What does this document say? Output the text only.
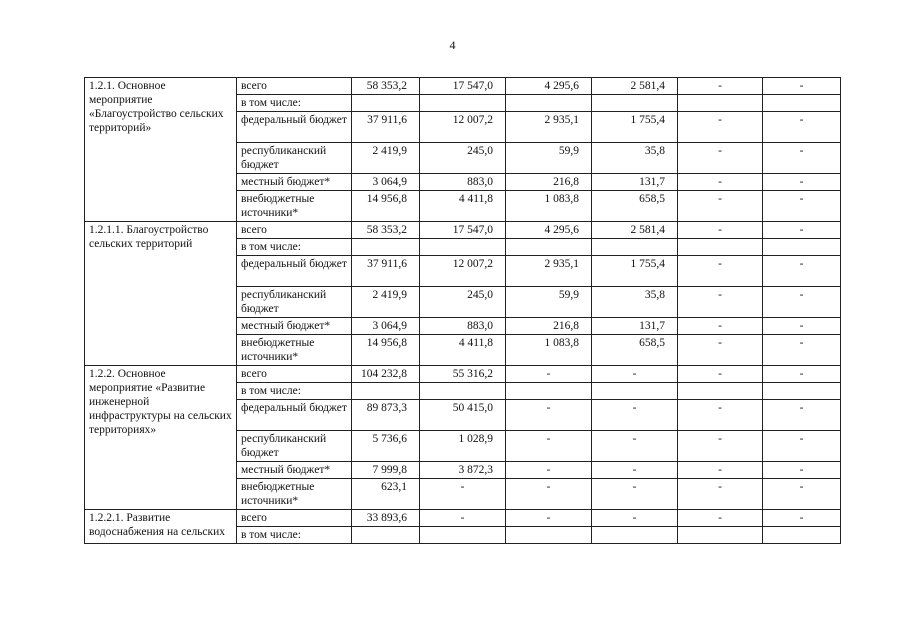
4
1.2.1. Основное мероприятие «Благоустройство сельских территорий»	всего	58 353,2	17 547,0	4 295,6	2 581,4	-	-
	в том числе:						
	федеральный бюджет	37 911,6	12 007,2	2 935,1	1 755,4	-	-
	республиканский бюджет	2 419,9	245,0	59,9	35,8	-	-
	местный бюджет*	3 064,9	883,0	216,8	131,7	-	-
	внебюджетные источники*	14 956,8	4 411,8	1 083,8	658,5	-	-
1.2.1.1. Благоустройство сельских территорий	всего	58 353,2	17 547,0	4 295,6	2 581,4	-	-
	в том числе:						
	федеральный бюджет	37 911,6	12 007,2	2 935,1	1 755,4	-	-
	республиканский бюджет	2 419,9	245,0	59,9	35,8	-	-
	местный бюджет*	3 064,9	883,0	216,8	131,7	-	-
	внебюджетные источники*	14 956,8	4 411,8	1 083,8	658,5	-	-
1.2.2. Основное мероприятие «Развитие инженерной инфраструктуры на сельских территориях»	всего	104 232,8	55 316,2	-	-	-	-
	в том числе:						
	федеральный бюджет	89 873,3	50 415,0	-	-	-	-
	республиканский бюджет	5 736,6	1 028,9	-	-	-	-
	местный бюджет*	7 999,8	3 872,3	-	-	-	-
	внебюджетные источники*	623,1	-	-	-	-	-
1.2.2.1. Развитие водоснабжения на сельских	всего	33 893,6	-	-	-	-	-
	в том числе:						
